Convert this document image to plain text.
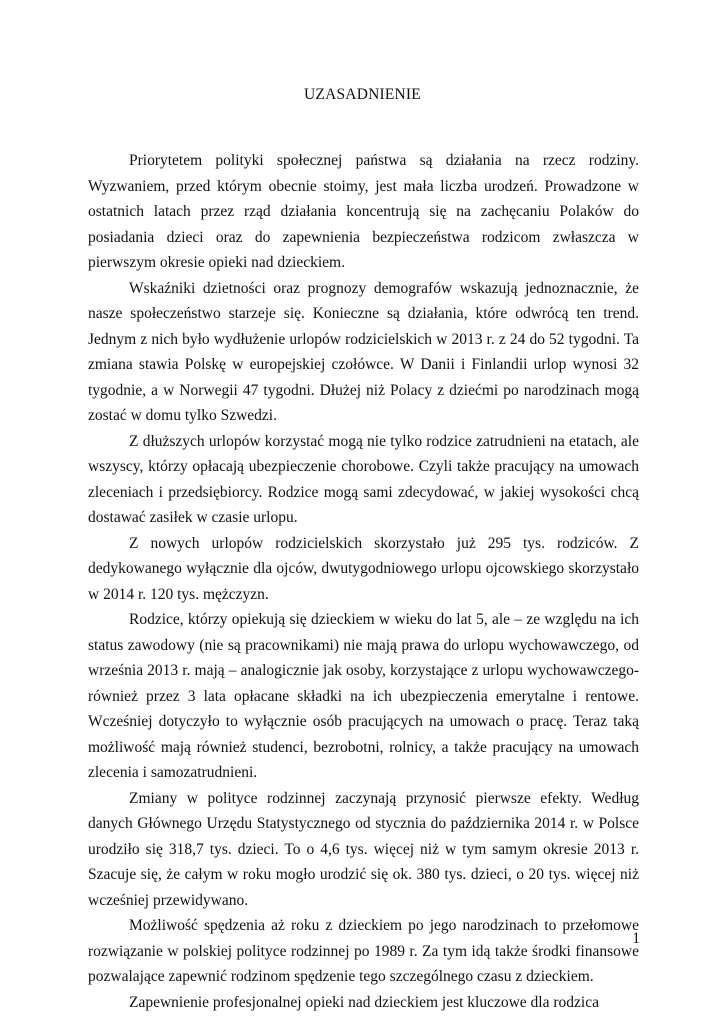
UZASADNIENIE

Priorytetem polityki społecznej państwa są działania na rzecz rodziny. Wyzwaniem, przed którym obecnie stoimy, jest mała liczba urodzeń. Prowadzone w ostatnich latach przez rząd działania koncentrują się na zachęcaniu Polaków do posiadania dzieci oraz do zapewnienia bezpieczeństwa rodzicom zwłaszcza w pierwszym okresie opieki nad dzieckiem.

Wskaźniki dzietności oraz prognozy demografów wskazują jednoznacznie, że nasze społeczeństwo starzeje się. Konieczne są działania, które odwrócą ten trend. Jednym z nich było wydłużenie urlopów rodzicielskich w 2013 r. z 24 do 52 tygodni. Ta zmiana stawia Polskę w europejskiej czołówce. W Danii i Finlandii urlop wynosi 32 tygodnie, a w Norwegii 47 tygodni. Dłużej niż Polacy z dziećmi po narodzinach mogą zostać w domu tylko Szwedzi.

Z dłuższych urlopów korzystać mogą nie tylko rodzice zatrudnieni na etatach, ale wszyscy, którzy opłacają ubezpieczenie chorobowe. Czyli także pracujący na umowach zleceniach i przedsiębiorcy. Rodzice mogą sami zdecydować, w jakiej wysokości chcą dostawać zasiłek w czasie urlopu.

Z nowych urlopów rodzicielskich skorzystało już 295 tys. rodziców. Z dedykowanego wyłącznie dla ojców, dwutygodniowego urlopu ojcowskiego skorzystało w 2014 r. 120 tys. mężczyzn.

Rodzice, którzy opiekują się dzieckiem w wieku do lat 5, ale – ze względu na ich status zawodowy (nie są pracownikami) nie mają prawa do urlopu wychowawczego, od września 2013 r. mają – analogicznie jak osoby, korzystające z urlopu wychowawczego- również przez 3 lata opłacane składki na ich ubezpieczenia emerytalne i rentowe. Wcześniej dotyczyło to wyłącznie osób pracujących na umowach o pracę. Teraz taką możliwość mają również studenci, bezrobotni, rolnicy, a także pracujący na umowach zlecenia i samozatrudnieni.

Zmiany w polityce rodzinnej zaczynają przynosić pierwsze efekty. Według danych Głównego Urzędu Statystycznego od stycznia do października 2014 r. w Polsce urodziło się 318,7 tys. dzieci. To o 4,6 tys. więcej niż w tym samym okresie 2013 r. Szacuje się, że całym w roku mogło urodzić się ok. 380 tys. dzieci, o 20 tys. więcej niż wcześniej przewidywano.

Możliwość spędzenia aż roku z dzieckiem po jego narodzinach to przełomowe rozwiązanie w polskiej polityce rodzinnej po 1989 r. Za tym idą także środki finansowe pozwalające zapewnić rodzinom spędzenie tego szczególnego czasu z dzieckiem.

Zapewnienie profesjonalnej opieki nad dzieckiem jest kluczowe dla rodzica

1
